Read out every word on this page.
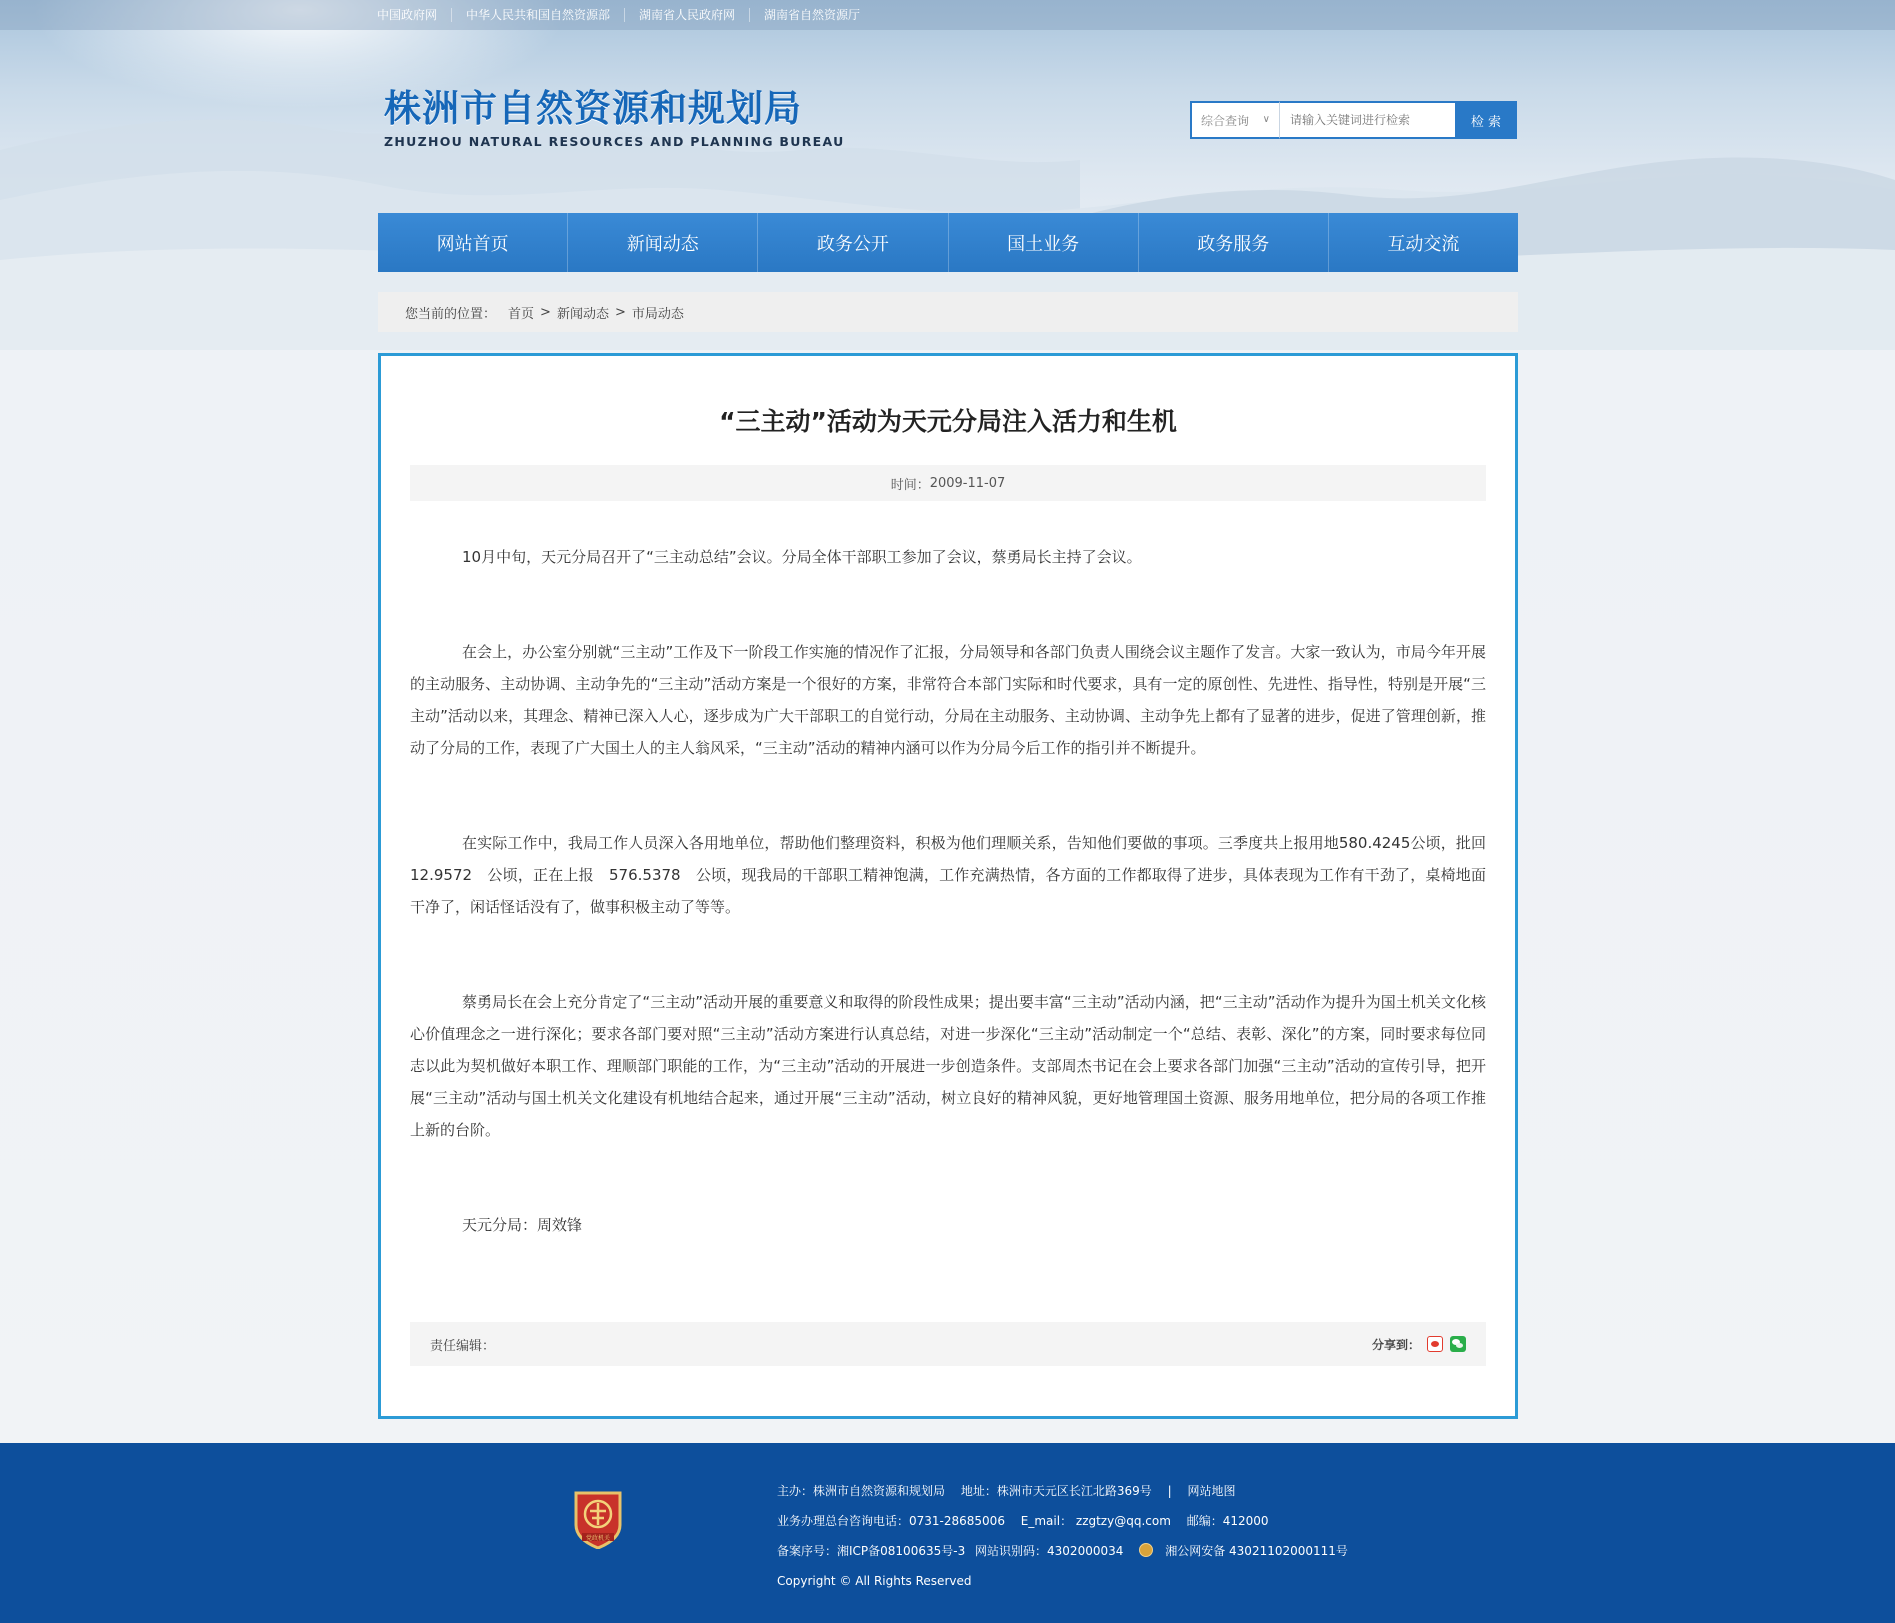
中国政府网	中华人民共和国自然资源部	湖南省人民政府网	湖南省自然资源厅
株洲市自然资源和规划局
ZHUZHOU NATURAL RESOURCES AND PLANNING BUREAU
综合查询 ∨
请输入关键词进行检索	检 索
网站首页	新闻动态	政务公开	国土业务	政务服务	互动交流
您当前的位置： 首页 > 新闻动态 > 市局动态
“三主动”活动为天元分局注入活力和生机
时间： 2009-11-07

10月中旬，天元分局召开了“三主动总结”会议。分局全体干部职工参加了会议，蔡勇局长主持了会议。

在会上，办公室分别就“三主动”工作及下一阶段工作实施的情况作了汇报，分局领导和各部门负责人围绕会议主题作了发言。大家一致认为，市局今年开展的主动服务、主动协调、主动争先的“三主动”活动方案是一个很好的方案，非常符合本部门实际和时代要求，具有一定的原创性、先进性、指导性，特别是开展“三主动”活动以来，其理念、精神已深入人心，逐步成为广大干部职工的自觉行动，分局在主动服务、主动协调、主动争先上都有了显著的进步，促进了管理创新，推动了分局的工作，表现了广大国土人的主人翁风采，“三主动”活动的精神内涵可以作为分局今后工作的指引并不断提升。

在实际工作中，我局工作人员深入各用地单位，帮助他们整理资料，积极为他们理顺关系，告知他们要做的事项。三季度共上报用地580.4245公顷，批回12.9572　公顷，正在上报　576.5378　公顷，现我局的干部职工精神饱满，工作充满热情，各方面的工作都取得了进步，具体表现为工作有干劲了，桌椅地面干净了，闲话怪话没有了，做事积极主动了等等。

蔡勇局长在会上充分肯定了“三主动”活动开展的重要意义和取得的阶段性成果；提出要丰富“三主动”活动内涵，把“三主动”活动作为提升为国土机关文化核心价值理念之一进行深化；要求各部门要对照“三主动”活动方案进行认真总结，对进一步深化“三主动”活动制定一个“总结、表彰、深化”的方案，同时要求每位同志以此为契机做好本职工作、理顺部门职能的工作，为“三主动”活动的开展进一步创造条件。支部周杰书记在会上要求各部门加强“三主动”活动的宣传引导，把开展“三主动”活动与国土机关文化建设有机地结合起来，通过开展“三主动”活动，树立良好的精神风貌，更好地管理国土资源、服务用地单位，把分局的各项工作推上新的台阶。

天元分局：周效锋

责任编辑：	分享到：
党政机关
主办：株洲市自然资源和规划局 地址：株洲市天元区长江北路369号 | 网站地图
业务办理总台咨询电话：0731-28685006 E_mail： zzgtzy@qq.com 邮编：412000
备案序号：湘ICP备08100635号-3 网站识别码：4302000034	湘公网安备 43021102000111号
Copyright © All Rights Reserved
